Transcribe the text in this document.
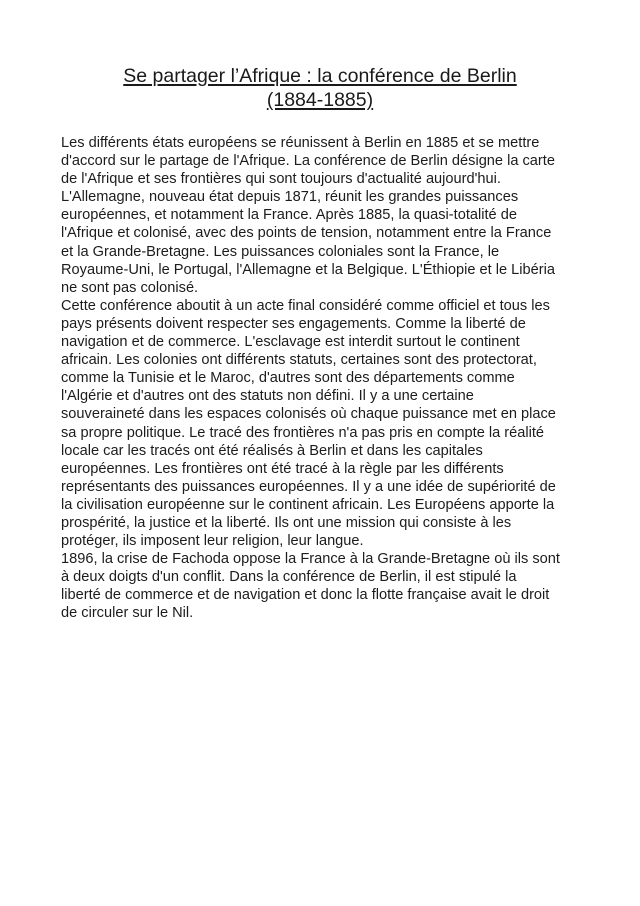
Se partager l’Afrique : la conférence de Berlin
(1884-1885)
Les différents états européens se réunissent à Berlin en 1885 et se mettre
d'accord sur le partage de l'Afrique. La conférence de Berlin désigne la carte
de l'Afrique et ses frontières qui sont toujours d'actualité aujourd'hui.
L'Allemagne, nouveau état depuis 1871, réunit les grandes puissances
européennes, et notamment la France. Après 1885, la quasi-totalité de
l'Afrique et colonisé, avec des points de tension, notamment entre la France
et la Grande-Bretagne. Les puissances coloniales sont la France, le
Royaume-Uni, le Portugal, l'Allemagne et la Belgique. L'Éthiopie et le Libéria
ne sont pas colonisé.
Cette conférence aboutit à un acte final considéré comme officiel et tous les
pays présents doivent respecter ses engagements. Comme la liberté de
navigation et de commerce. L'esclavage est interdit surtout le continent
africain. Les colonies ont différents statuts, certaines sont des protectorat,
comme la Tunisie et le Maroc, d'autres sont des départements comme
l'Algérie et d'autres ont des statuts non défini. Il y a une certaine
souveraineté dans les espaces colonisés où chaque puissance met en place
sa propre politique. Le tracé des frontières n'a pas pris en compte la réalité
locale car les tracés ont été réalisés à Berlin et dans les capitales
européennes. Les frontières ont été tracé à la règle par les différents
représentants des puissances européennes. Il y a une idée de supériorité de
la civilisation européenne sur le continent africain. Les Européens apporte la
prospérité, la justice et la liberté. Ils ont une mission qui consiste à les
protéger, ils imposent leur religion, leur langue.
1896, la crise de Fachoda oppose la France à la Grande-Bretagne où ils sont
à deux doigts d'un conflit. Dans la conférence de Berlin, il est stipulé la
liberté de commerce et de navigation et donc la flotte française avait le droit
de circuler sur le Nil.
